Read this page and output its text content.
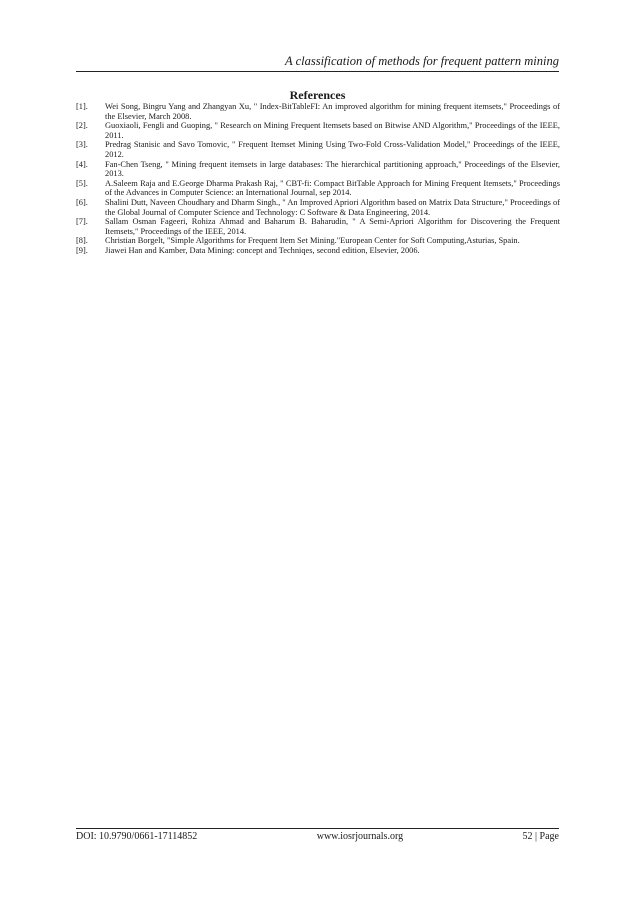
A classification of methods for frequent pattern mining
References
[1].	Wei Song, Bingru Yang and Zhangyan Xu, " Index-BitTableFI: An improved algorithm for mining frequent itemsets," Proceedings of the Elsevier, March 2008.
[2].	Guoxiaoli, Fengli and Guoping, " Research on Mining Frequent Itemsets based on Bitwise AND Algorithm," Proceedings of the IEEE, 2011.
[3].	Predrag Stanisic and Savo Tomovic, " Frequent Itemset Mining Using Two-Fold Cross-Validation Model," Proceedings of the IEEE, 2012.
[4].	Fan-Chen Tseng, " Mining frequent itemsets in large databases: The hierarchical partitioning approach," Proceedings of the Elsevier, 2013.
[5].	A.Saleem Raja and E.George Dharma Prakash Raj, " CBT-fi: Compact BitTable Approach for Mining Frequent Itemsets," Proceedings of the Advances in Computer Science: an International Journal, sep 2014.
[6].	Shalini Dutt, Naveen Choudhary and Dharm Singh., " An Improved Apriori Algorithm based on Matrix Data Structure," Proceedings of the Global Journal of Computer Science and Technology: C Software & Data Engineering, 2014.
[7].	Sallam Osman Fageeri, Rohiza Ahmad and Baharum B. Baharudin, " A Semi-Apriori Algorithm for Discovering the Frequent Itemsets," Proceedings of the IEEE, 2014.
[8].	Christian Borgelt, "Simple Algorithms for Frequent Item Set Mining."European Center for Soft Computing,Asturias, Spain.
[9].	Jiawei Han and Kamber, Data Mining: concept and Techniqes, second edition, Elsevier, 2006.
DOI: 10.9790/0661-17114852	www.iosrjournals.org	52 | Page
